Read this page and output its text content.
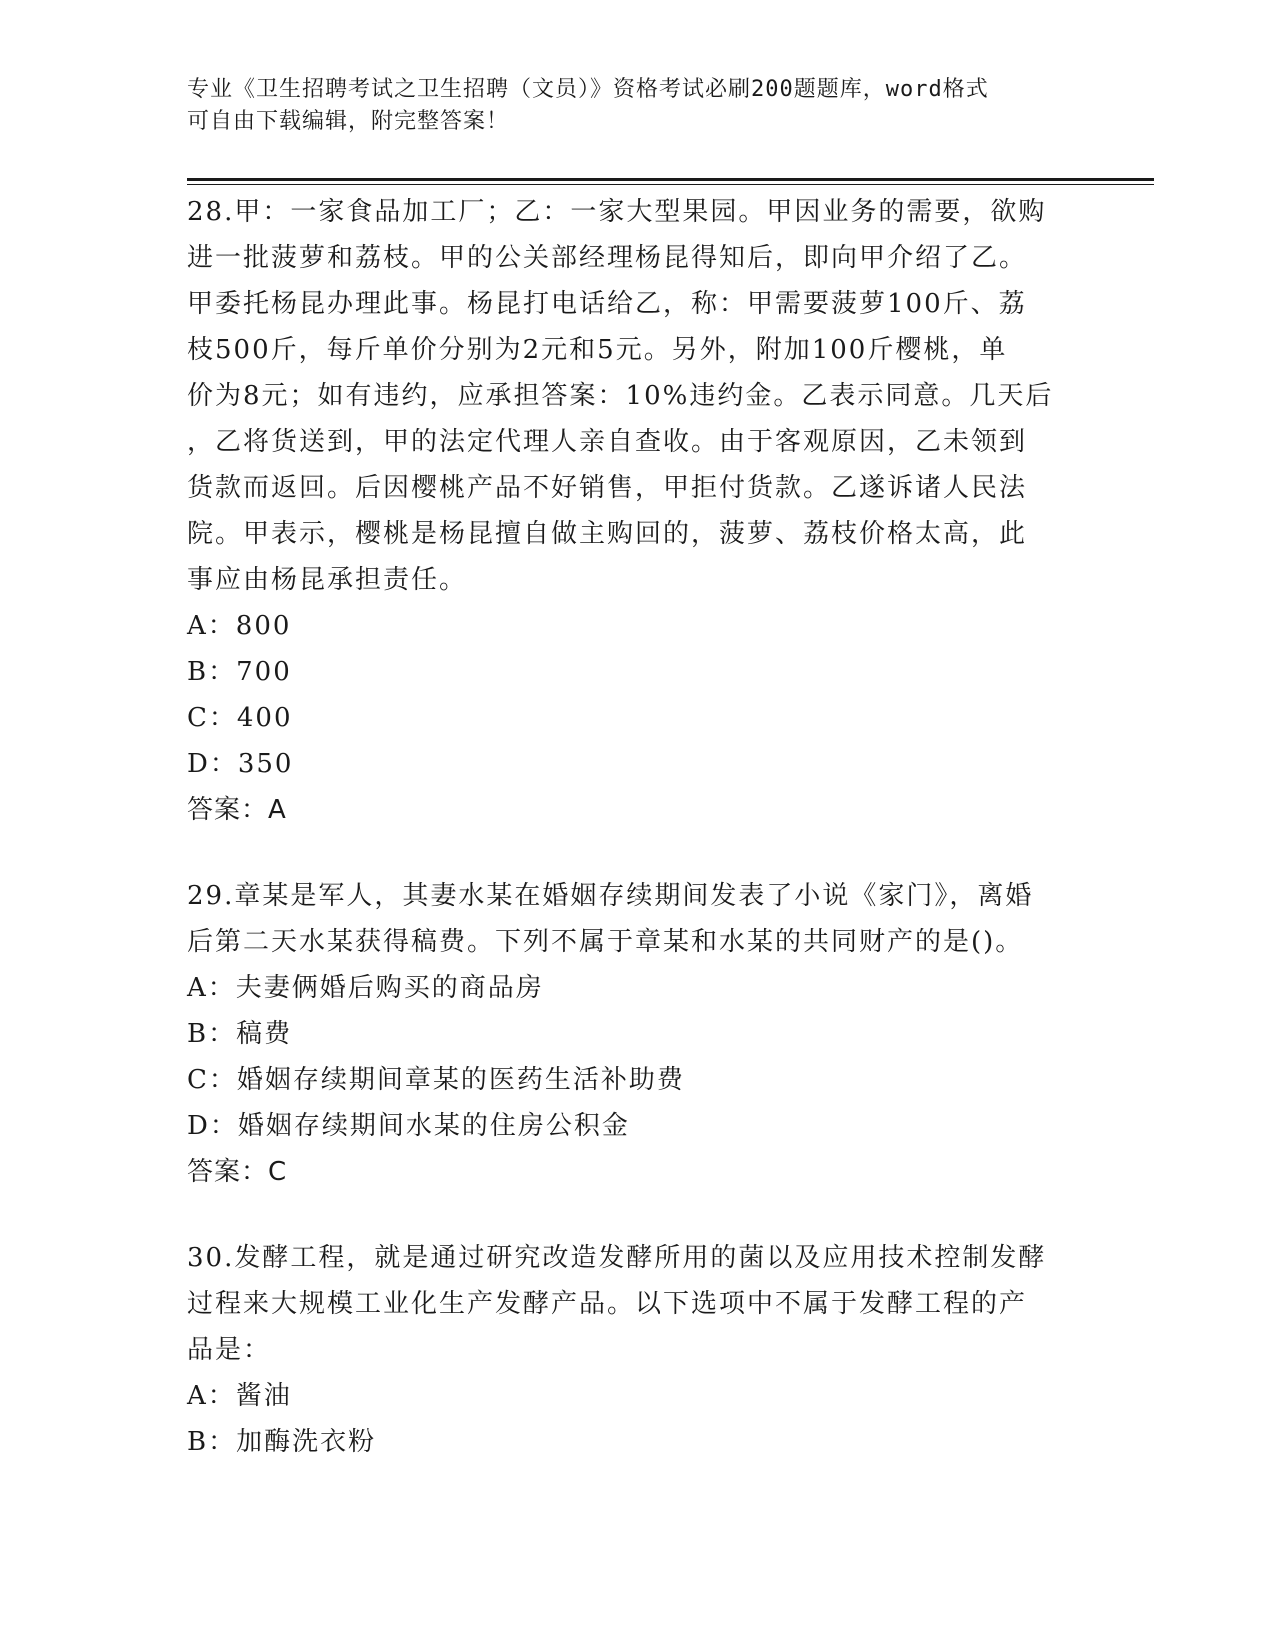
专业《卫生招聘考试之卫生招聘（文员）》资格考试必刷200题题库，word格式
可自由下载编辑，附完整答案！
28.甲：一家食品加工厂；乙：一家大型果园。甲因业务的需要，欲购
进一批菠萝和荔枝。甲的公关部经理杨昆得知后，即向甲介绍了乙。
甲委托杨昆办理此事。杨昆打电话给乙，称：甲需要菠萝100斤、荔
枝500斤，每斤单价分别为2元和5元。另外，附加100斤樱桃，单
价为8元；如有违约，应承担答案：10%违约金。乙表示同意。几天后
，乙将货送到，甲的法定代理人亲自查收。由于客观原因，乙未领到
货款而返回。后因樱桃产品不好销售，甲拒付货款。乙遂诉诸人民法
院。甲表示，樱桃是杨昆擅自做主购回的，菠萝、荔枝价格太高，此
事应由杨昆承担责任。
A：800
B：700
C：400
D：350
答案：A
29.章某是军人，其妻水某在婚姻存续期间发表了小说《家门》，离婚
后第二天水某获得稿费。下列不属于章某和水某的共同财产的是()。
A：夫妻俩婚后购买的商品房
B：稿费
C：婚姻存续期间章某的医药生活补助费
D：婚姻存续期间水某的住房公积金
答案：C
30.发酵工程，就是通过研究改造发酵所用的菌以及应用技术控制发酵
过程来大规模工业化生产发酵产品。以下选项中不属于发酵工程的产
品是：
A：酱油
B：加酶洗衣粉
